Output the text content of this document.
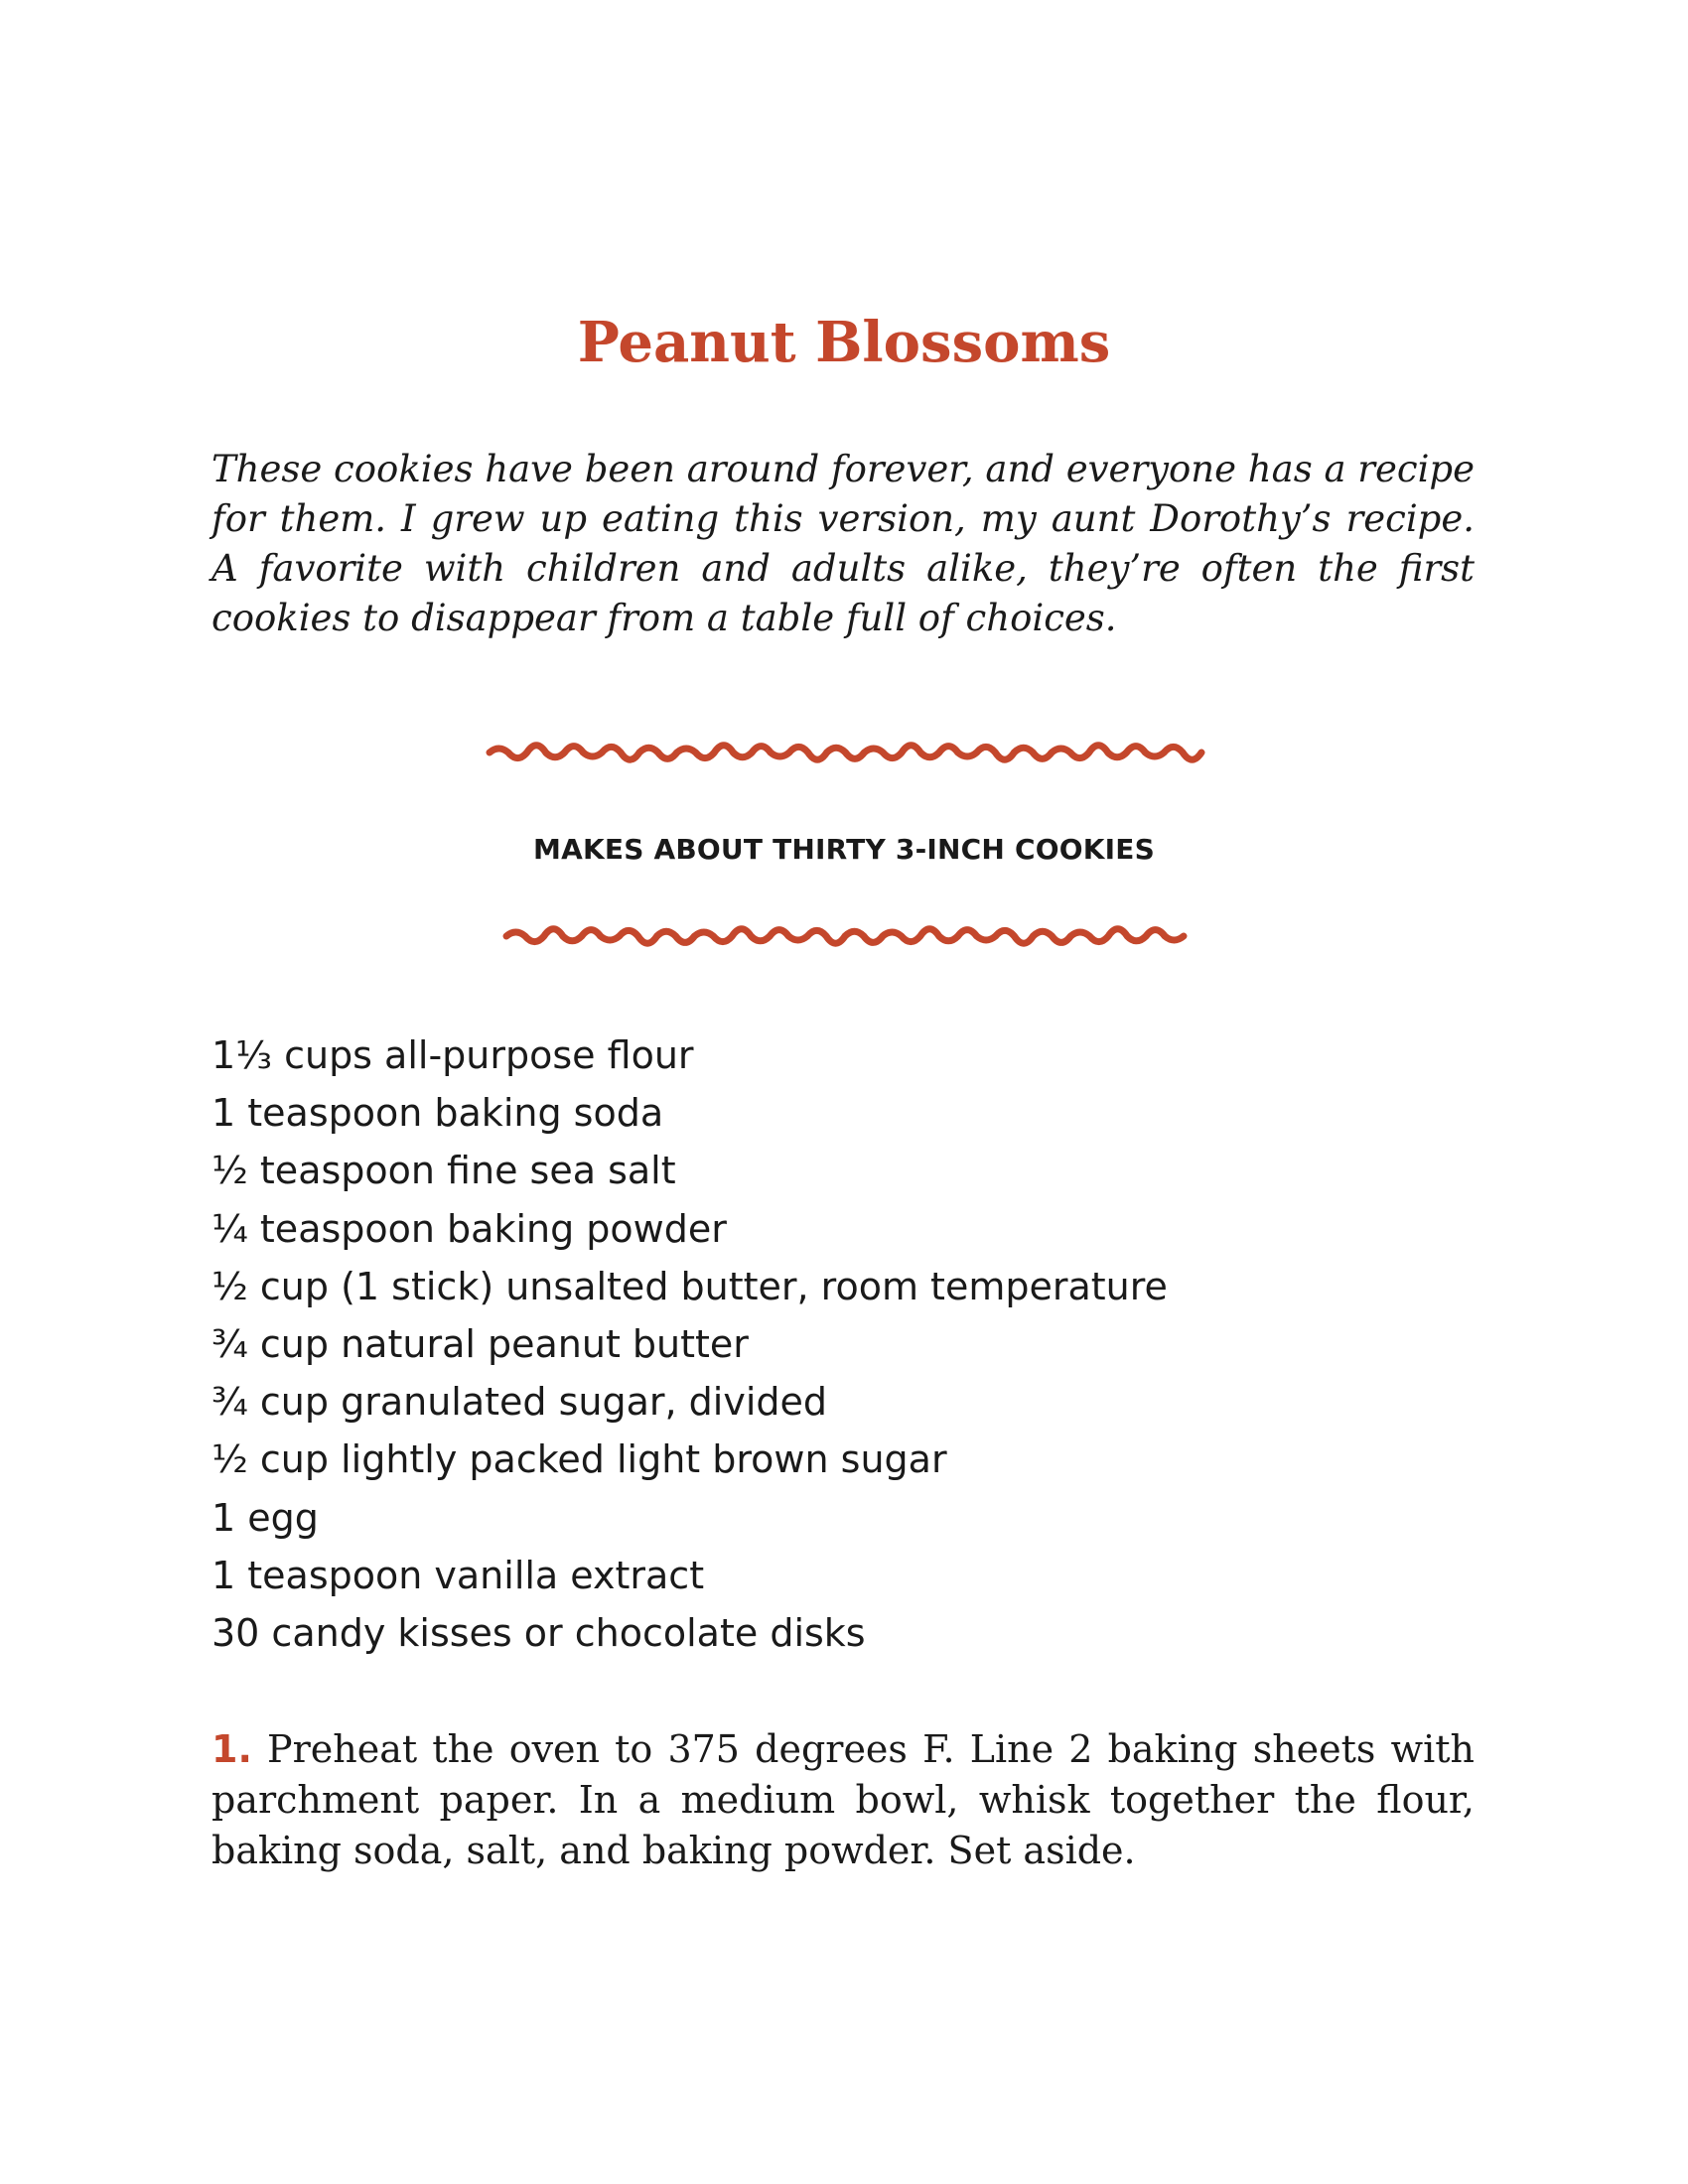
Peanut Blossoms

These cookies have been around forever, and everyone has a recipe for them. I grew up eating this version, my aunt Dorothy’s recipe. A favorite with children and adults alike, they’re often the first cookies to disappear from a table full of choices.

MAKES ABOUT THIRTY 3-INCH COOKIES
1⅓ cups all-purpose flour
1 teaspoon baking soda
½ teaspoon fine sea salt
¼ teaspoon baking powder
½ cup (1 stick) unsalted butter, room temperature
¾ cup natural peanut butter
¾ cup granulated sugar, divided
½ cup lightly packed light brown sugar
1 egg
1 teaspoon vanilla extract
30 candy kisses or chocolate disks

1. Preheat the oven to 375 degrees F. Line 2 baking sheets with parchment paper. In a medium bowl, whisk together the flour, baking soda, salt, and baking powder. Set aside.
